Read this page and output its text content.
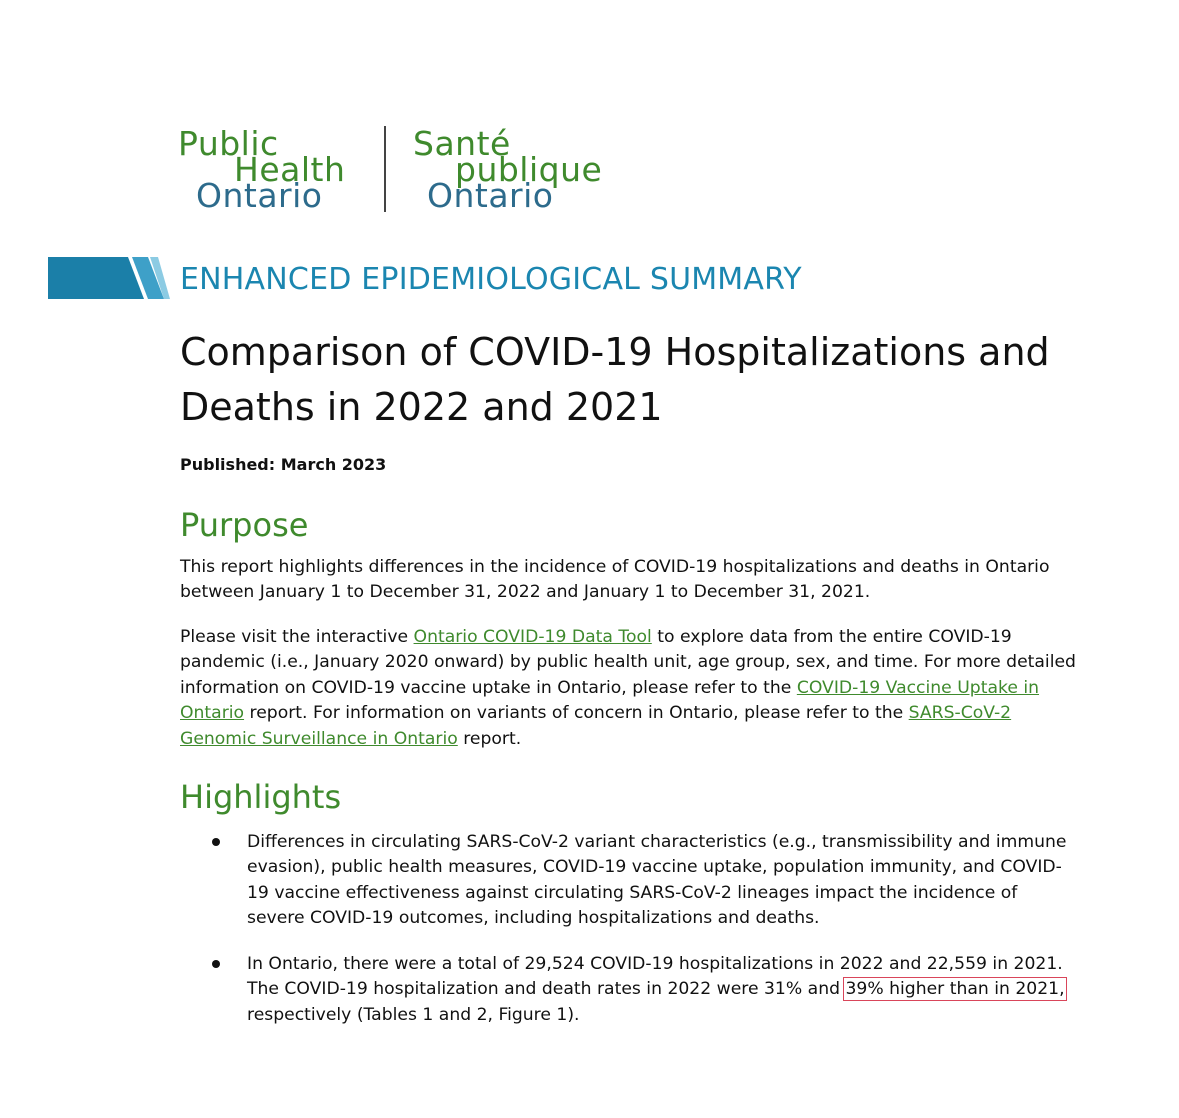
Public
Health
Ontario
Santé
publique
Ontario
ENHANCED EPIDEMIOLOGICAL SUMMARY
Comparison of COVID-19 Hospitalizations and Deaths in 2022 and 2021
Published: March 2023
Purpose

This report highlights differences in the incidence of COVID-19 hospitalizations and deaths in Ontario between January 1 to December 31, 2022 and January 1 to December 31, 2021.

Please visit the interactive Ontario COVID-19 Data Tool to explore data from the entire COVID-19 pandemic (i.e., January 2020 onward) by public health unit, age group, sex, and time. For more detailed information on COVID-19 vaccine uptake in Ontario, please refer to the COVID-19 Vaccine Uptake in Ontario report. For information on variants of concern in Ontario, please refer to the SARS-CoV-2 Genomic Surveillance in Ontario report.

Highlights

Differences in circulating SARS-CoV-2 variant characteristics (e.g., transmissibility and immune evasion), public health measures, COVID-19 vaccine uptake, population immunity, and COVID-19 vaccine effectiveness against circulating SARS-CoV-2 lineages impact the incidence of severe COVID-19 outcomes, including hospitalizations and deaths.

In Ontario, there were a total of 29,524 COVID-19 hospitalizations in 2022 and 22,559 in 2021.
The COVID-19 hospitalization and death rates in 2022 were 31% and 39% higher than in 2021,
respectively (Tables 1 and 2, Figure 1).
